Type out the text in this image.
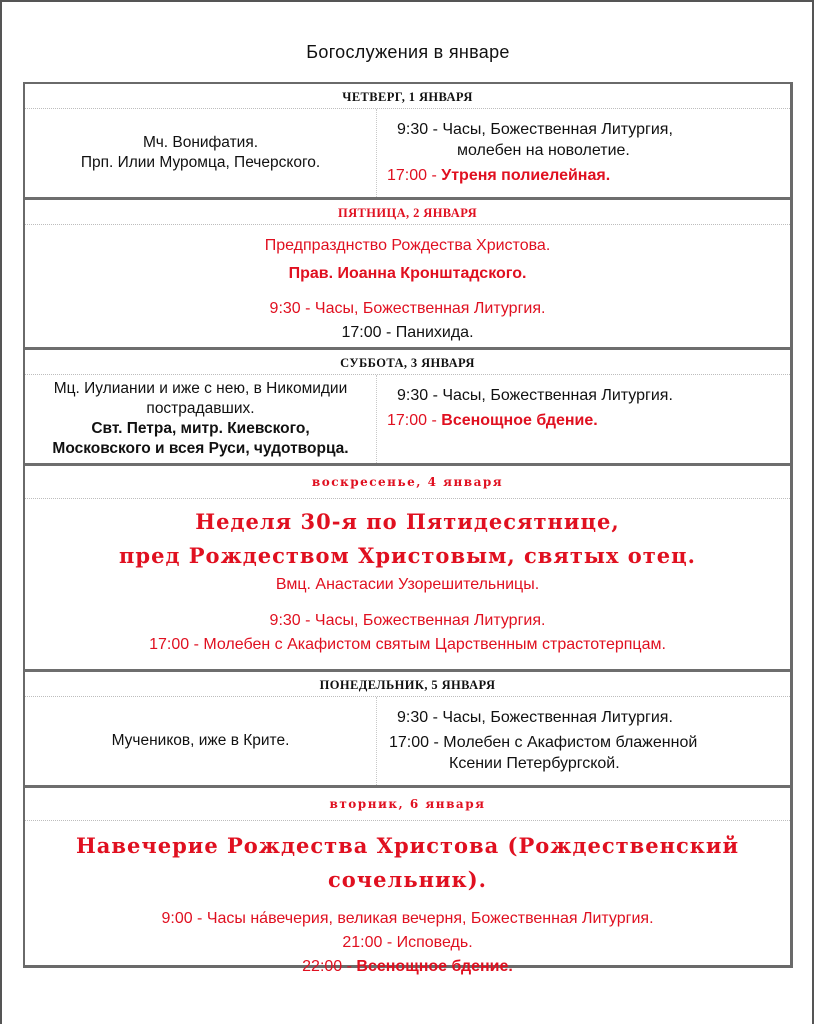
Богослужения в январе
ЧЕТВЕРГ, 1 ЯНВАРЯ
Мч. Вонифатия.
Прп. Илии Муромца, Печерского.
9:30 - Часы, Божественная Литургия,
молебен на новолетие.
17:00 - Утреня полиелейная.
ПЯТНИЦА, 2 ЯНВАРЯ
Предпразднство Рождества Христова.
Прав. Иоанна Кронштадского.
9:30 - Часы, Божественная Литургия.
17:00 - Панихида.
СУББОТА, 3 ЯНВАРЯ
Мц. Иулиании и иже с нею, в Никомидии
пострадавших.
Свт. Петра, митр. Киевского,
Московского и всея Руси, чудотворца.
9:30 - Часы, Божественная Литургия.
17:00 - Всенощное бдение.
воскресенье, 4 января
Неделя 30-я по Пятидесятнице,
пред Рождеством Христовым, святых отец.
Вмц. Анастасии Узорешительницы.
9:30 - Часы, Божественная Литургия.
17:00 - Молебен с Акафистом святым Царственным страстотерпцам.
ПОНЕДЕЛЬНИК, 5 ЯНВАРЯ
Мучеников, иже в Крите.
9:30 - Часы, Божественная Литургия.
17:00 - Молебен с Акафистом блаженной
Ксении Петербургской.
вторник, 6 января
Навечерие Рождества Христова (Рождественский сочельник).
9:00 - Часы на́вечерия, великая вечерня, Божественная Литургия.
21:00 - Исповедь.
22:00 - Всенощное бдение.
